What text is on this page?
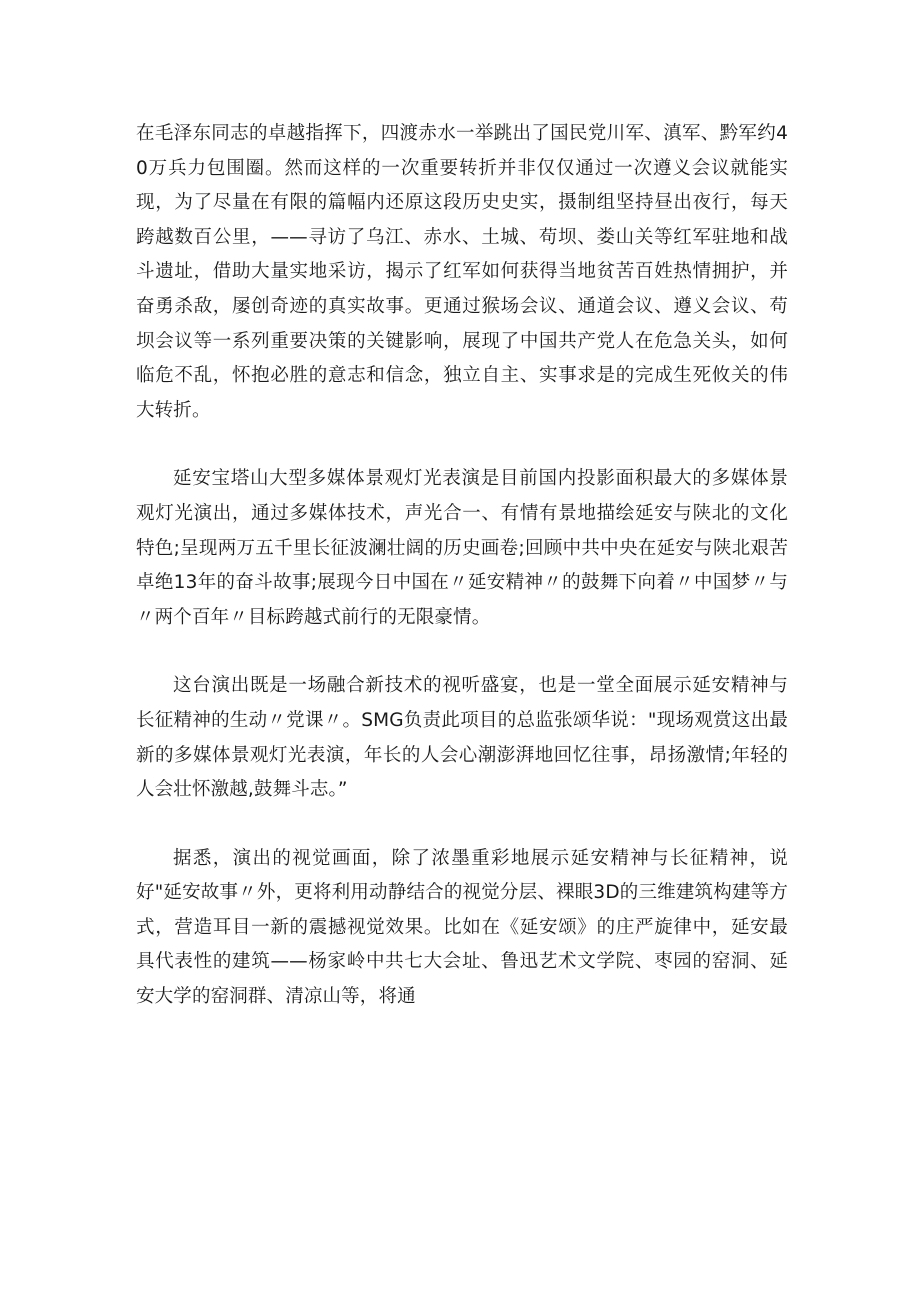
在毛泽东同志的卓越指挥下，四渡赤水一举跳出了国民党川军、滇军、黔军约40万兵力包围圈。然而这样的一次重要转折并非仅仅通过一次遵义会议就能实现，为了尽量在有限的篇幅内还原这段历史史实，摄制组坚持昼出夜行，每天跨越数百公里，——寻访了乌江、赤水、土城、苟坝、娄山关等红军驻地和战斗遗址，借助大量实地采访，揭示了红军如何获得当地贫苦百姓热情拥护，并奋勇杀敌，屡创奇迹的真实故事。更通过猴场会议、通道会议、遵义会议、苟坝会议等一系列重要决策的关键影响，展现了中国共产党人在危急关头，如何临危不乱，怀抱必胜的意志和信念，独立自主、实事求是的完成生死攸关的伟大转折。

延安宝塔山大型多媒体景观灯光表演是目前国内投影面积最大的多媒体景观灯光演出，通过多媒体技术，声光合一、有情有景地描绘延安与陕北的文化特色;呈现两万五千里长征波澜壮阔的历史画卷;回顾中共中央在延安与陕北艰苦卓绝13年的奋斗故事;展现今日中国在〃延安精神〃的鼓舞下向着〃中国梦〃与〃两个百年〃目标跨越式前行的无限豪情。

这台演出既是一场融合新技术的视听盛宴，也是一堂全面展示延安精神与长征精神的生动〃党课〃。SMG负责此项目的总监张颂华说："现场观赏这出最新的多媒体景观灯光表演，年长的人会心潮澎湃地回忆往事，昂扬激情;年轻的人会壮怀激越,鼓舞斗志。”

据悉，演出的视觉画面，除了浓墨重彩地展示延安精神与长征精神，说好"延安故事〃外，更将利用动静结合的视觉分层、裸眼3D的三维建筑构建等方式，营造耳目一新的震撼视觉效果。比如在《延安颂》的庄严旋律中，延安最具代表性的建筑——杨家岭中共七大会址、鲁迅艺术文学院、枣园的窑洞、延安大学的窑洞群、清凉山等，将通
